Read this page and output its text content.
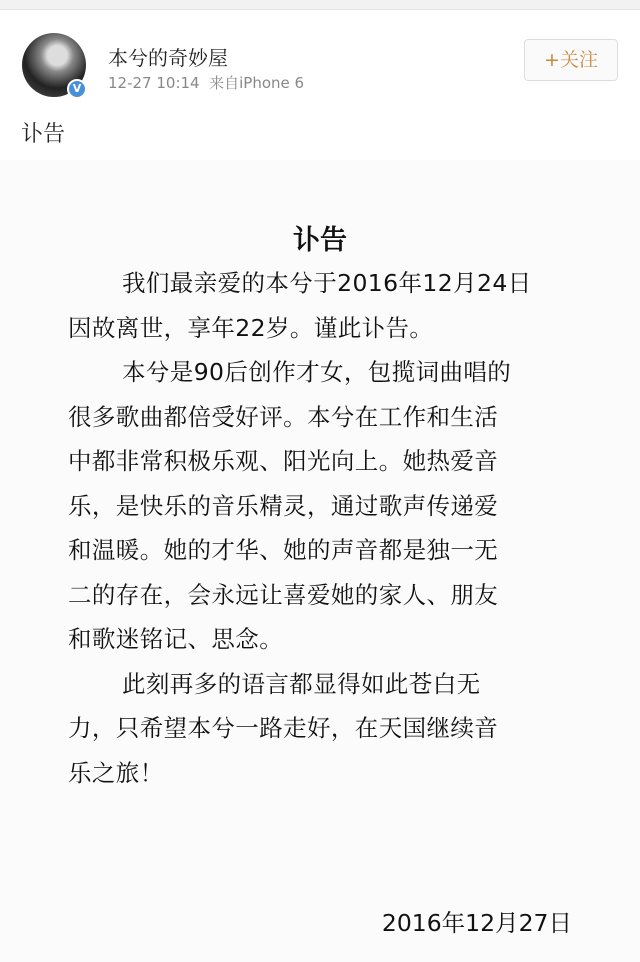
V
本兮的奇妙屋
12-27 10:14 来自iPhone 6
+关注
讣告
讣告
我们最亲爱的本兮于2016年12月24日
因故离世，享年22岁。谨此讣告。
本兮是90后创作才女，包揽词曲唱的
很多歌曲都倍受好评。本兮在工作和生活
中都非常积极乐观、阳光向上。她热爱音
乐，是快乐的音乐精灵，通过歌声传递爱
和温暖。她的才华、她的声音都是独一无
二的存在，会永远让喜爱她的家人、朋友
和歌迷铭记、思念。
此刻再多的语言都显得如此苍白无
力，只希望本兮一路走好，在天国继续音
乐之旅！
2016年12月27日
